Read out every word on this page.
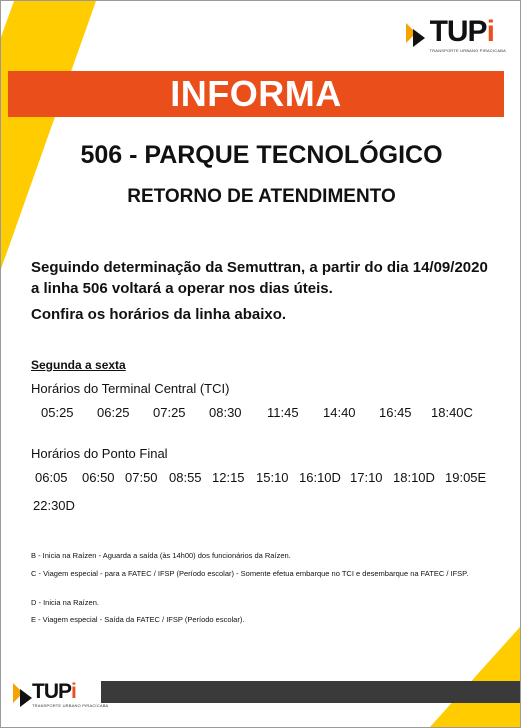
TUPi
TRANSPORTE URBANO PIRACICABA
INFORMA
506 - PARQUE TECNOLÓGICO
RETORNO DE ATENDIMENTO
Seguindo determinação da Semuttran, a partir do dia 14/09/2020 a linha 506 voltará a operar nos dias úteis.
Confira os horários da linha abaixo.
Segunda a sexta
Horários do Terminal Central (TCI)
05:25 06:25 07:25 08:30 11:45 14:40 16:45 18:40C
Horários do Ponto Final
06:05 06:50 07:50 08:55 12:15 15:10 16:10D 17:10 18:10D 19:05E
22:30D
B - Inicia na Raízen - Aguarda a saída (às 14h00) dos funcionários da Raízen.
C - Viagem especial - para a FATEC / IFSP (Período escolar) - Somente efetua embarque no TCI e desembarque na FATEC / IFSP.
D - Inicia na Raízen.
E - Viagem especial - Saída da FATEC / IFSP (Período escolar).
TUPi
TRANSPORTE URBANO PIRACICABA
